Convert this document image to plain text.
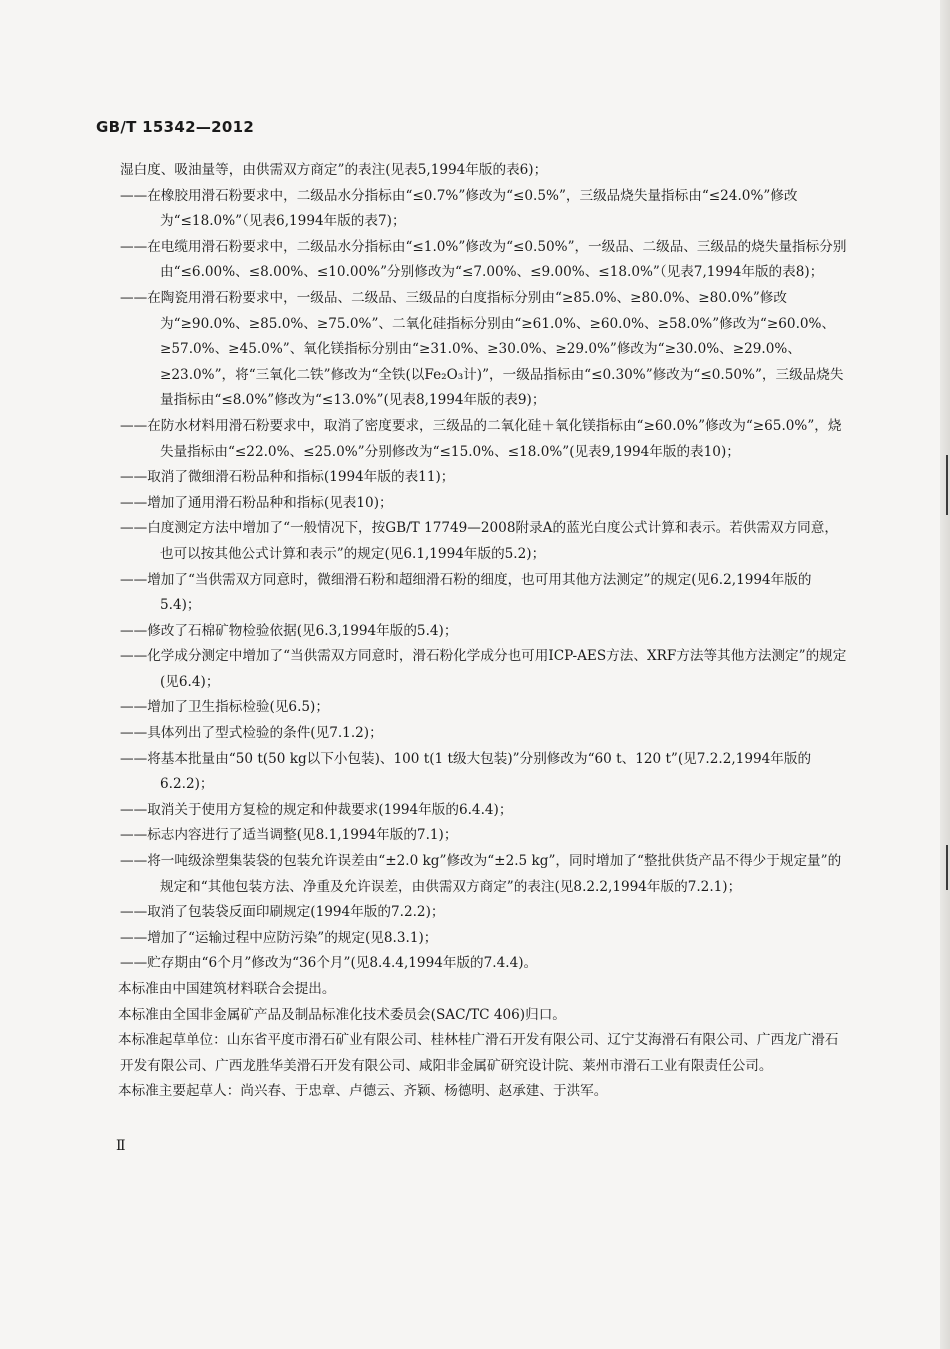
GB/T 15342—2012

湿白度、吸油量等，由供需双方商定”的表注(见表5,1994年版的表6)；

——在橡胶用滑石粉要求中，二级品水分指标由“≤0.7%”修改为“≤0.5%”，三级品烧失量指标由“≤24.0%”修改为“≤18.0%”（见表6,1994年版的表7)；

——在电缆用滑石粉要求中，二级品水分指标由“≤1.0%”修改为“≤0.50%”，一级品、二级品、三级品的烧失量指标分别由“≤6.00%、≤8.00%、≤10.00%”分别修改为“≤7.00%、≤9.00%、≤18.0%”（见表7,1994年版的表8)；

——在陶瓷用滑石粉要求中，一级品、二级品、三级品的白度指标分别由“≥85.0%、≥80.0%、≥80.0%”修改为“≥90.0%、≥85.0%、≥75.0%”、二氧化硅指标分别由“≥61.0%、≥60.0%、≥58.0%”修改为“≥60.0%、≥57.0%、≥45.0%”、氧化镁指标分别由“≥31.0%、≥30.0%、≥29.0%”修改为“≥30.0%、≥29.0%、≥23.0%”，将“三氧化二铁”修改为“全铁(以Fe₂O₃计)”，一级品指标由“≤0.30%”修改为“≤0.50%”，三级品烧失量指标由“≤8.0%”修改为“≤13.0%”(见表8,1994年版的表9)；

——在防水材料用滑石粉要求中，取消了密度要求，三级品的二氧化硅＋氧化镁指标由“≥60.0%”修改为“≥65.0%”，烧失量指标由“≤22.0%、≤25.0%”分别修改为“≤15.0%、≤18.0%”(见表9,1994年版的表10)；

——取消了微细滑石粉品种和指标(1994年版的表11)；

——增加了通用滑石粉品种和指标(见表10)；

——白度测定方法中增加了“一般情况下，按GB/T 17749—2008附录A的蓝光白度公式计算和表示。若供需双方同意，也可以按其他公式计算和表示”的规定(见6.1,1994年版的5.2)；

——增加了“当供需双方同意时，微细滑石粉和超细滑石粉的细度，也可用其他方法测定”的规定(见6.2,1994年版的5.4)；

——修改了石棉矿物检验依据(见6.3,1994年版的5.4)；

——化学成分测定中增加了“当供需双方同意时，滑石粉化学成分也可用ICP-AES方法、XRF方法等其他方法测定”的规定(见6.4)；

——增加了卫生指标检验(见6.5)；

——具体列出了型式检验的条件(见7.1.2)；

——将基本批量由“50 t(50 kg以下小包装)、100 t(1 t级大包装)”分别修改为“60 t、120 t”(见7.2.2,1994年版的6.2.2)；

——取消关于使用方复检的规定和仲裁要求(1994年版的6.4.4)；

——标志内容进行了适当调整(见8.1,1994年版的7.1)；

——将一吨级涂塑集装袋的包装允许误差由“±2.0 kg”修改为“±2.5 kg”，同时增加了“整批供货产品不得少于规定量”的规定和“其他包装方法、净重及允许误差，由供需双方商定”的表注(见8.2.2,1994年版的7.2.1)；

——取消了包装袋反面印刷规定(1994年版的7.2.2)；

——增加了“运输过程中应防污染”的规定(见8.3.1)；

——贮存期由“6个月”修改为“36个月”(见8.4.4,1994年版的7.4.4)。

本标准由中国建筑材料联合会提出。

本标准由全国非金属矿产品及制品标准化技术委员会(SAC/TC 406)归口。

本标准起草单位：山东省平度市滑石矿业有限公司、桂林桂广滑石开发有限公司、辽宁艾海滑石有限公司、广西龙广滑石开发有限公司、广西龙胜华美滑石开发有限公司、咸阳非金属矿研究设计院、莱州市滑石工业有限责任公司。

本标准主要起草人：尚兴春、于忠章、卢德云、齐颖、杨德明、赵承建、于洪军。

Ⅱ
